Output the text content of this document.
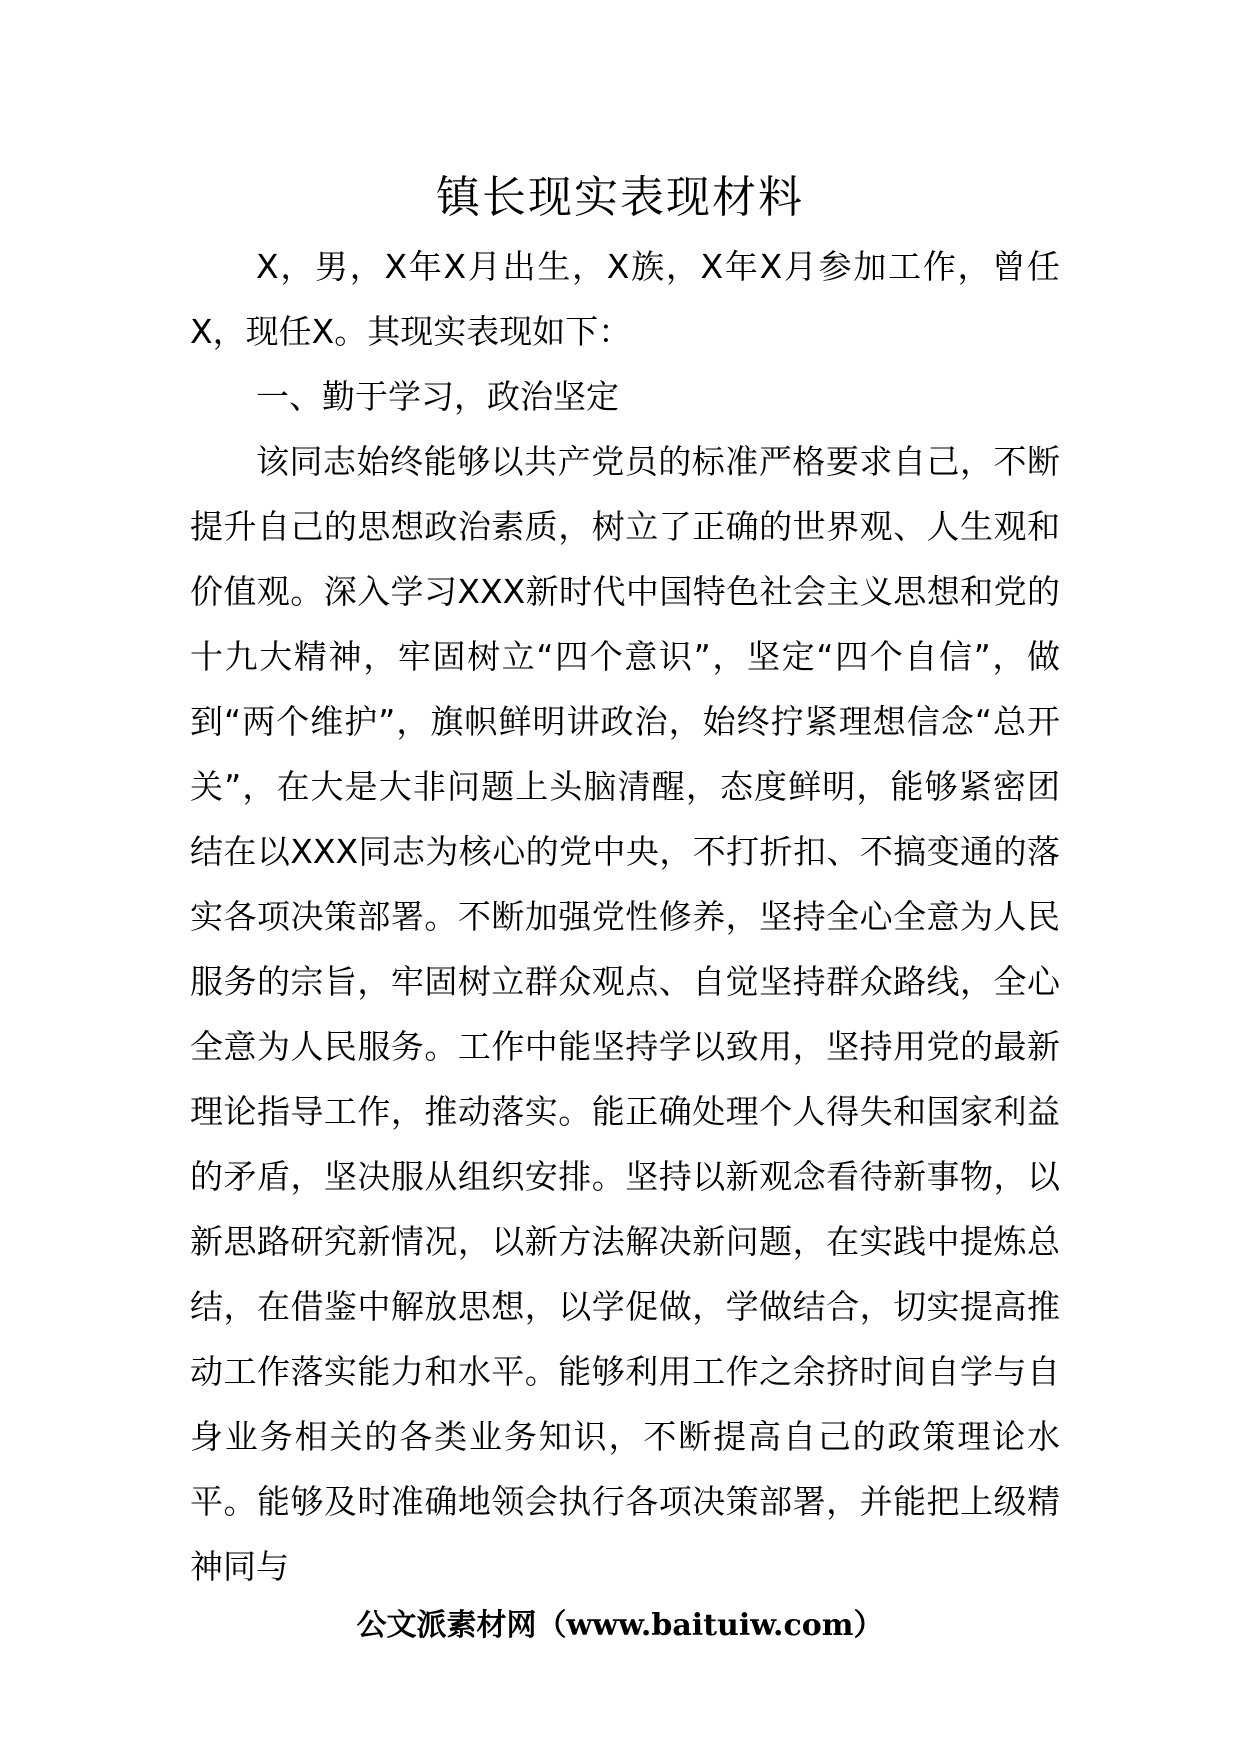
镇长现实表现材料

X，男，X年X月出生，X族，X年X月参加工作，曾任X，现任X。其现实表现如下：

一、勤于学习，政治坚定

该同志始终能够以共产党员的标准严格要求自己，不断提升自己的思想政治素质，树立了正确的世界观、人生观和价值观。深入学习XXX新时代中国特色社会主义思想和党的十九大精神，牢固树立“四个意识”，坚定“四个自信”，做到“两个维护”，旗帜鲜明讲政治，始终拧紧理想信念“总开关”，在大是大非问题上头脑清醒，态度鲜明，能够紧密团结在以XXX同志为核心的党中央，不打折扣、不搞变通的落实各项决策部署。不断加强党性修养，坚持全心全意为人民服务的宗旨，牢固树立群众观点、自觉坚持群众路线，全心全意为人民服务。工作中能坚持学以致用，坚持用党的最新理论指导工作，推动落实。能正确处理个人得失和国家利益的矛盾，坚决服从组织安排。坚持以新观念看待新事物，以新思路研究新情况，以新方法解决新问题，在实践中提炼总结，在借鉴中解放思想，以学促做，学做结合，切实提高推动工作落实能力和水平。能够利用工作之余挤时间自学与自身业务相关的各类业务知识，不断提高自己的政策理论水平。能够及时准确地领会执行各项决策部署，并能把上级精神同与

公文派素材网（www.baituiw.com）
